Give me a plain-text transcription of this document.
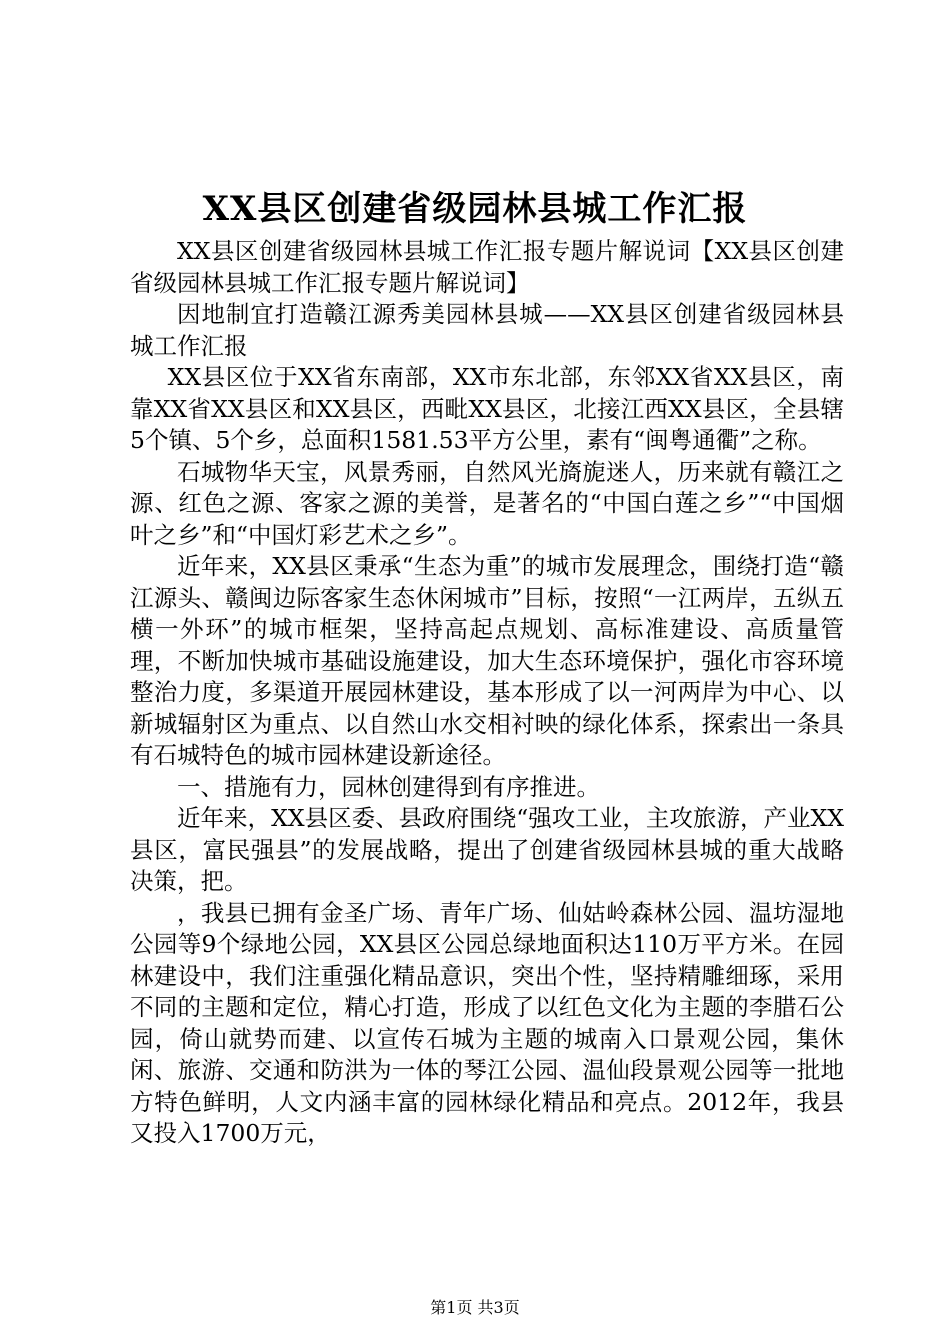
XX县区创建省级园林县城工作汇报

XX县区创建省级园林县城工作汇报专题片解说词【XX县区创建省级园林县城工作汇报专题片解说词】

因地制宜打造赣江源秀美园林县城——XX县区创建省级园林县城工作汇报

XX县区位于XX省东南部，XX市东北部，东邻XX省XX县区，南靠XX省XX县区和XX县区，西毗XX县区，北接江西XX县区，全县辖5个镇、5个乡，总面积1581.53平方公里，素有“闽粤通衢”之称。

石城物华天宝，风景秀丽，自然风光旖旎迷人，历来就有赣江之源、红色之源、客家之源的美誉，是著名的“中国白莲之乡”“中国烟叶之乡”和“中国灯彩艺术之乡”。

近年来，XX县区秉承“生态为重”的城市发展理念，围绕打造“赣江源头、赣闽边际客家生态休闲城市”目标，按照“一江两岸，五纵五横一外环”的城市框架，坚持高起点规划、高标准建设、高质量管理，不断加快城市基础设施建设，加大生态环境保护，强化市容环境整治力度，多渠道开展园林建设，基本形成了以一河两岸为中心、以新城辐射区为重点、以自然山水交相衬映的绿化体系，探索出一条具有石城特色的城市园林建设新途径。

一、措施有力，园林创建得到有序推进。

近年来，XX县区委、县政府围绕“强攻工业，主攻旅游，产业XX县区，富民强县”的发展战略，提出了创建省级园林县城的重大战略决策，把。

，我县已拥有金圣广场、青年广场、仙姑岭森林公园、温坊湿地公园等9个绿地公园，XX县区公园总绿地面积达110万平方米。在园林建设中，我们注重强化精品意识，突出个性，坚持精雕细琢，采用不同的主题和定位，精心打造，形成了以红色文化为主题的李腊石公园，倚山就势而建、以宣传石城为主题的城南入口景观公园，集休闲、旅游、交通和防洪为一体的琴江公园、温仙段景观公园等一批地方特色鲜明，人文内涵丰富的园林绿化精品和亮点。2012年，我县又投入1700万元，

第1页 共3页
